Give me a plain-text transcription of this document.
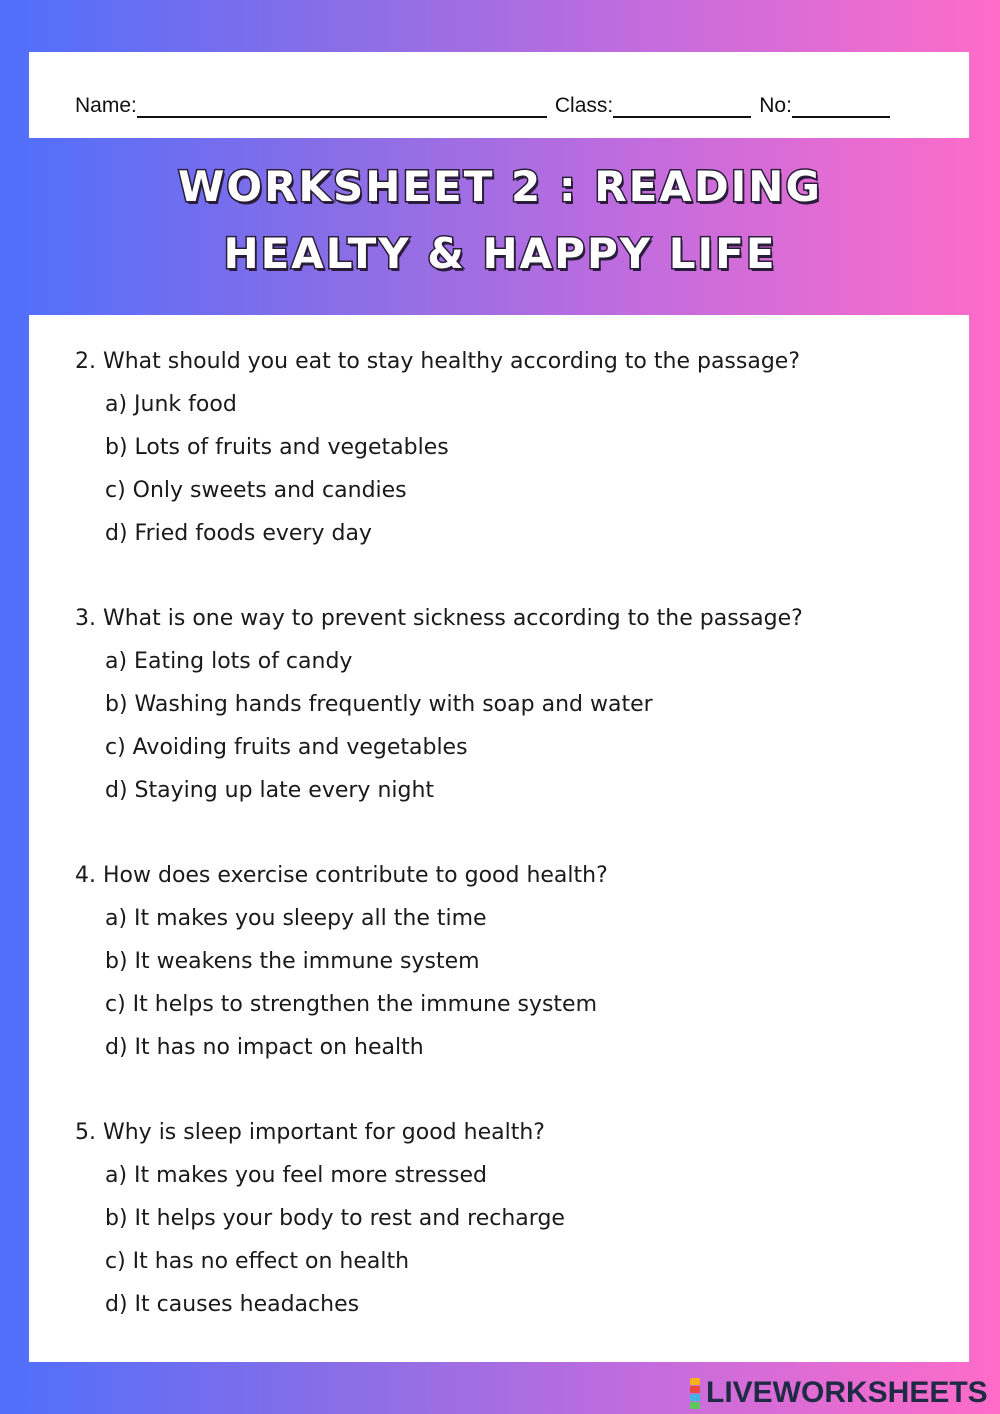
Name:	Class:	No:
WORKSHEET 2 : READING
HEALTY & HAPPY LIFE
2. What should you eat to stay healthy according to the passage?
a) Junk food
b) Lots of fruits and vegetables
c) Only sweets and candies
d) Fried foods every day
3. What is one way to prevent sickness according to the passage?
a) Eating lots of candy
b) Washing hands frequently with soap and water
c) Avoiding fruits and vegetables
d) Staying up late every night
4. How does exercise contribute to good health?
a) It makes you sleepy all the time
b) It weakens the immune system
c) It helps to strengthen the immune system
d) It has no impact on health
5. Why is sleep important for good health?
a) It makes you feel more stressed
b) It helps your body to rest and recharge
c) It has no effect on health
d) It causes headaches
LIVEWORKSHEETS
